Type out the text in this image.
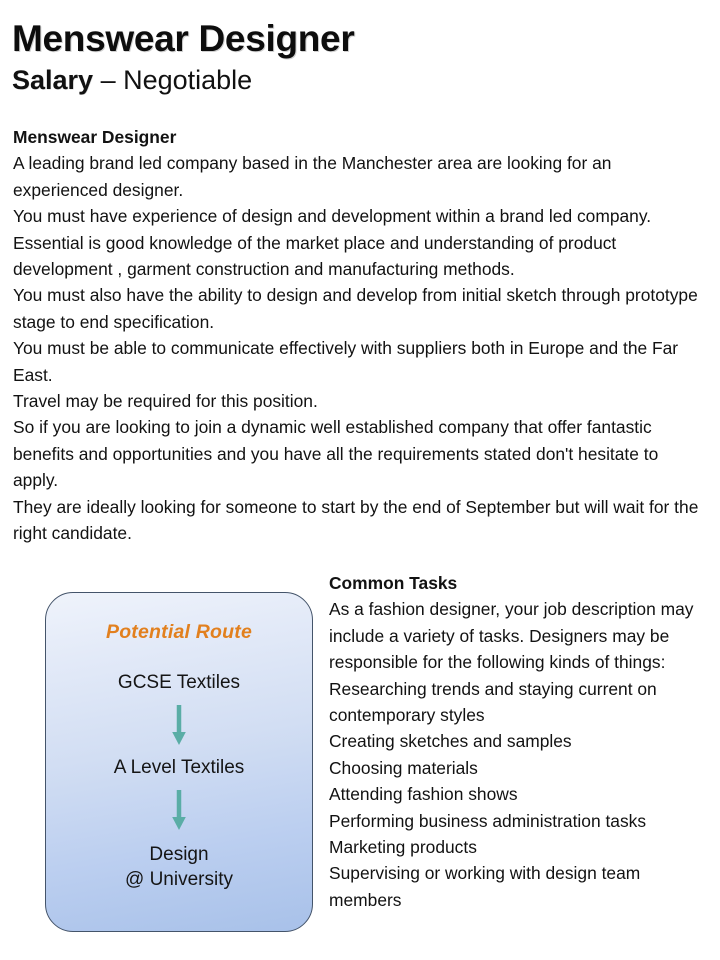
Menswear Designer
Salary – Negotiable

Menswear Designer

A leading brand led company based in the Manchester area are looking for an experienced designer.

You must have experience of design and development within a brand led company.

Essential is good knowledge of the market place and understanding of product development , garment construction and manufacturing methods.

You must also have the ability to design and develop from initial sketch through prototype stage to end specification.

You must be able to communicate effectively with suppliers both in Europe and the Far East.

Travel may be required for this position.

So if you are looking to join a dynamic well established company that offer fantastic benefits and opportunities and you have all the requirements stated don't hesitate to apply.

They are ideally looking for someone to start by the end of September but will wait for the right candidate.

Potential Route
GCSE Textiles
A Level Textiles
Design
@ University

Common Tasks

As a fashion designer, your job description may include a variety of tasks. Designers may be responsible for the following kinds of things:

Researching trends and staying current on contemporary styles

Creating sketches and samples

Choosing materials

Attending fashion shows

Performing business administration tasks

Marketing products

Supervising or working with design team members
